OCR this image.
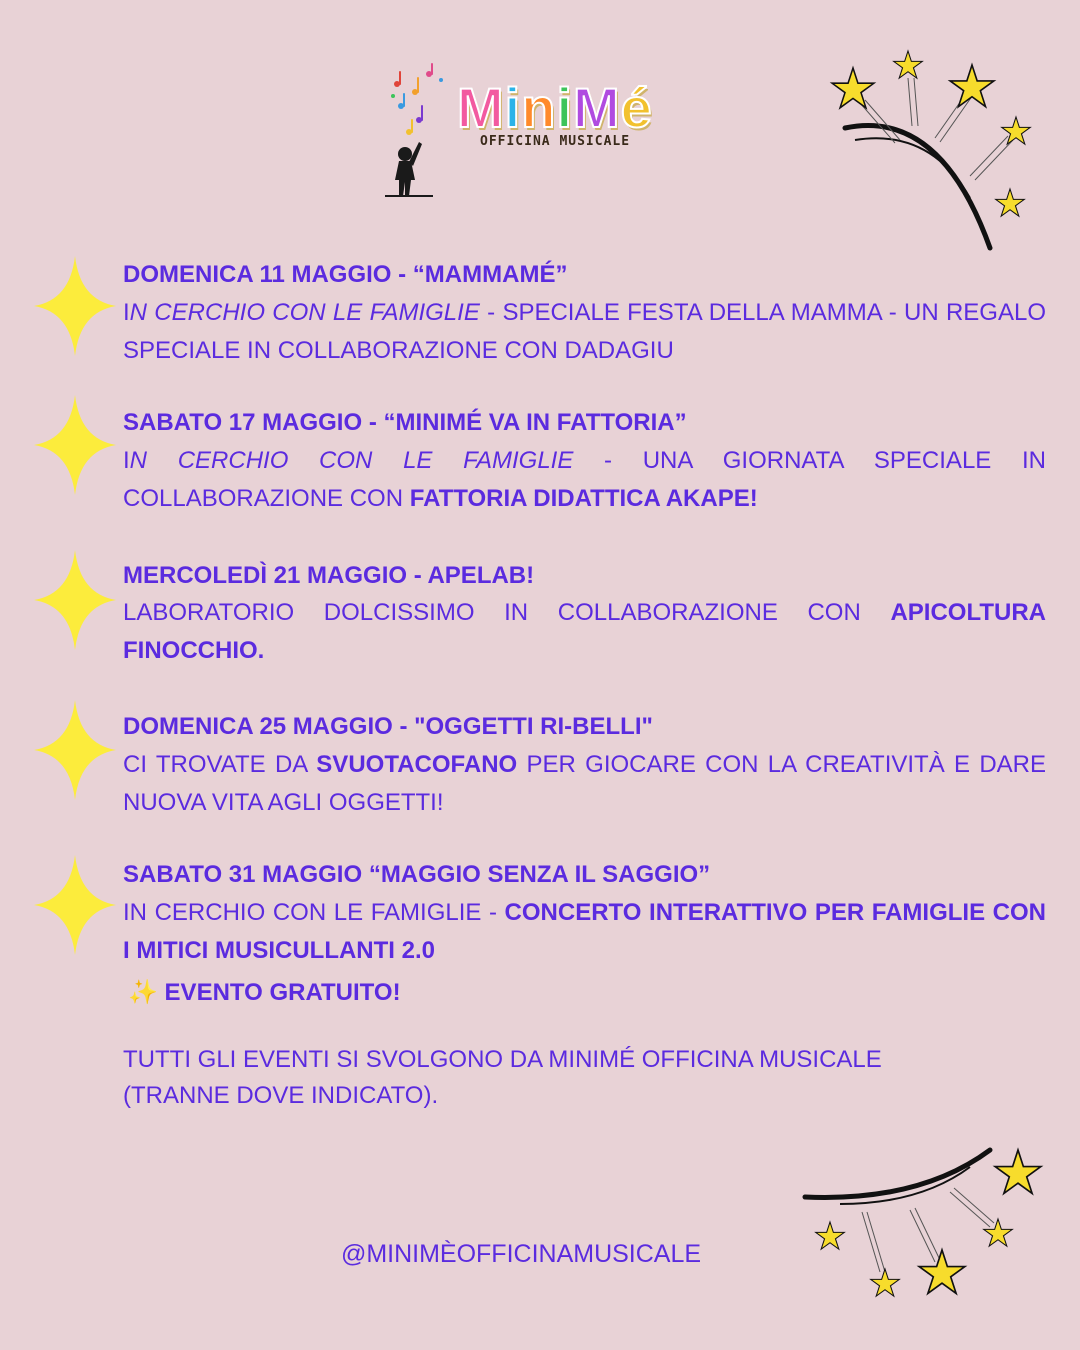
MiniMé
OFFICINA MUSICALE
DOMENICA 11 MAGGIO - “MAMMAMÉ”
IN CERCHIO CON LE FAMIGLIE - SPECIALE FESTA DELLA MAMMA - UN REGALO SPECIALE IN COLLABORAZIONE CON DADAGIU
SABATO 17 MAGGIO - “MINIMÉ VA IN FATTORIA”
IN CERCHIO CON LE FAMIGLIE - UNA GIORNATA SPECIALE IN COLLABORAZIONE CON FATTORIA DIDATTICA AKAPE!
MERCOLEDÌ 21 MAGGIO - APELAB!
LABORATORIO DOLCISSIMO IN COLLABORAZIONE CON APICOLTURA FINOCCHIO.
DOMENICA 25 MAGGIO - "OGGETTI RI-BELLI"
CI TROVATE DA SVUOTACOFANO PER GIOCARE CON LA CREATIVITÀ E DARE NUOVA VITA AGLI OGGETTI!
SABATO 31 MAGGIO “MAGGIO SENZA IL SAGGIO”
IN CERCHIO CON LE FAMIGLIE - CONCERTO INTERATTIVO PER FAMIGLIE CON I MITICI MUSICULLANTI 2.0
✨ EVENTO GRATUITO!
TUTTI GLI EVENTI SI SVOLGONO DA MINIMÉ OFFICINA MUSICALE
(TRANNE DOVE INDICATO).
@MINIMÈOFFICINAMUSICALE
